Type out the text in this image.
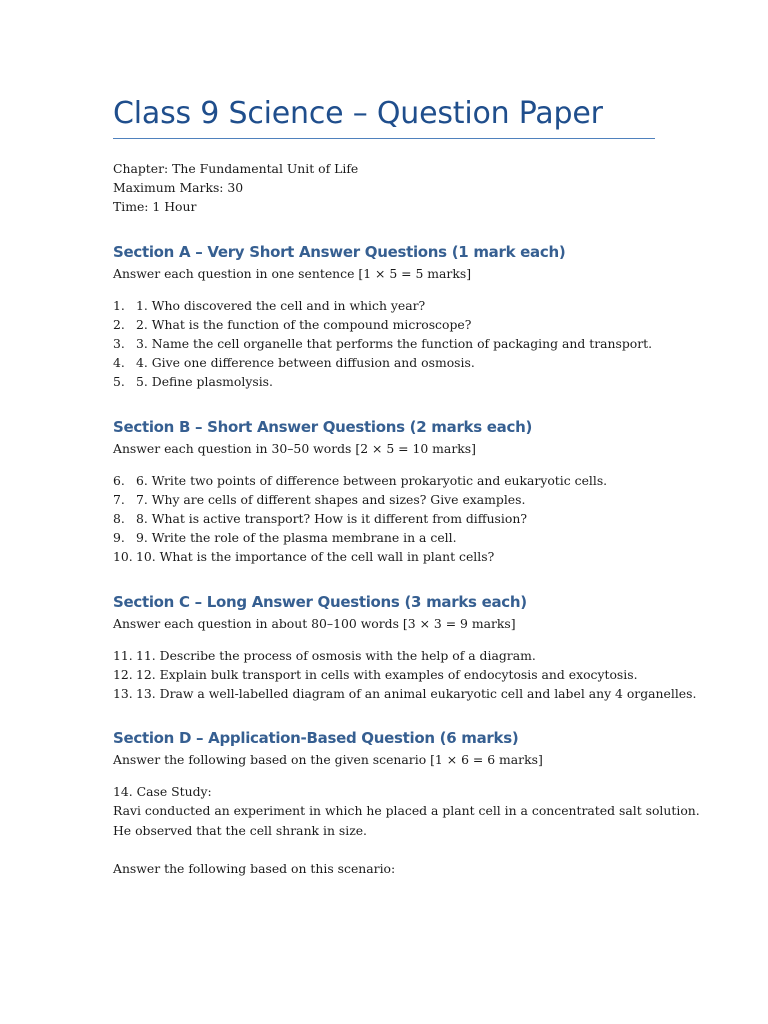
Class 9 Science – Question Paper
Chapter: The Fundamental Unit of Life
Maximum Marks: 30
Time: 1 Hour
Section A – Very Short Answer Questions (1 mark each)
Answer each question in one sentence [1 × 5 = 5 marks]
1. 1. Who discovered the cell and in which year?
2. 2. What is the function of the compound microscope?
3. 3. Name the cell organelle that performs the function of packaging and transport.
4. 4. Give one difference between diffusion and osmosis.
5. 5. Define plasmolysis.
Section B – Short Answer Questions (2 marks each)
Answer each question in 30–50 words [2 × 5 = 10 marks]
6. 6. Write two points of difference between prokaryotic and eukaryotic cells.
7. 7. Why are cells of different shapes and sizes? Give examples.
8. 8. What is active transport? How is it different from diffusion?
9. 9. Write the role of the plasma membrane in a cell.
10. 10. What is the importance of the cell wall in plant cells?
Section C – Long Answer Questions (3 marks each)
Answer each question in about 80–100 words [3 × 3 = 9 marks]
11. 11. Describe the process of osmosis with the help of a diagram.
12. 12. Explain bulk transport in cells with examples of endocytosis and exocytosis.
13. 13. Draw a well-labelled diagram of an animal eukaryotic cell and label any 4 organelles.
Section D – Application-Based Question (6 marks)
Answer the following based on the given scenario [1 × 6 = 6 marks]
14. Case Study:
Ravi conducted an experiment in which he placed a plant cell in a concentrated salt solution.
He observed that the cell shrank in size.
Answer the following based on this scenario:
